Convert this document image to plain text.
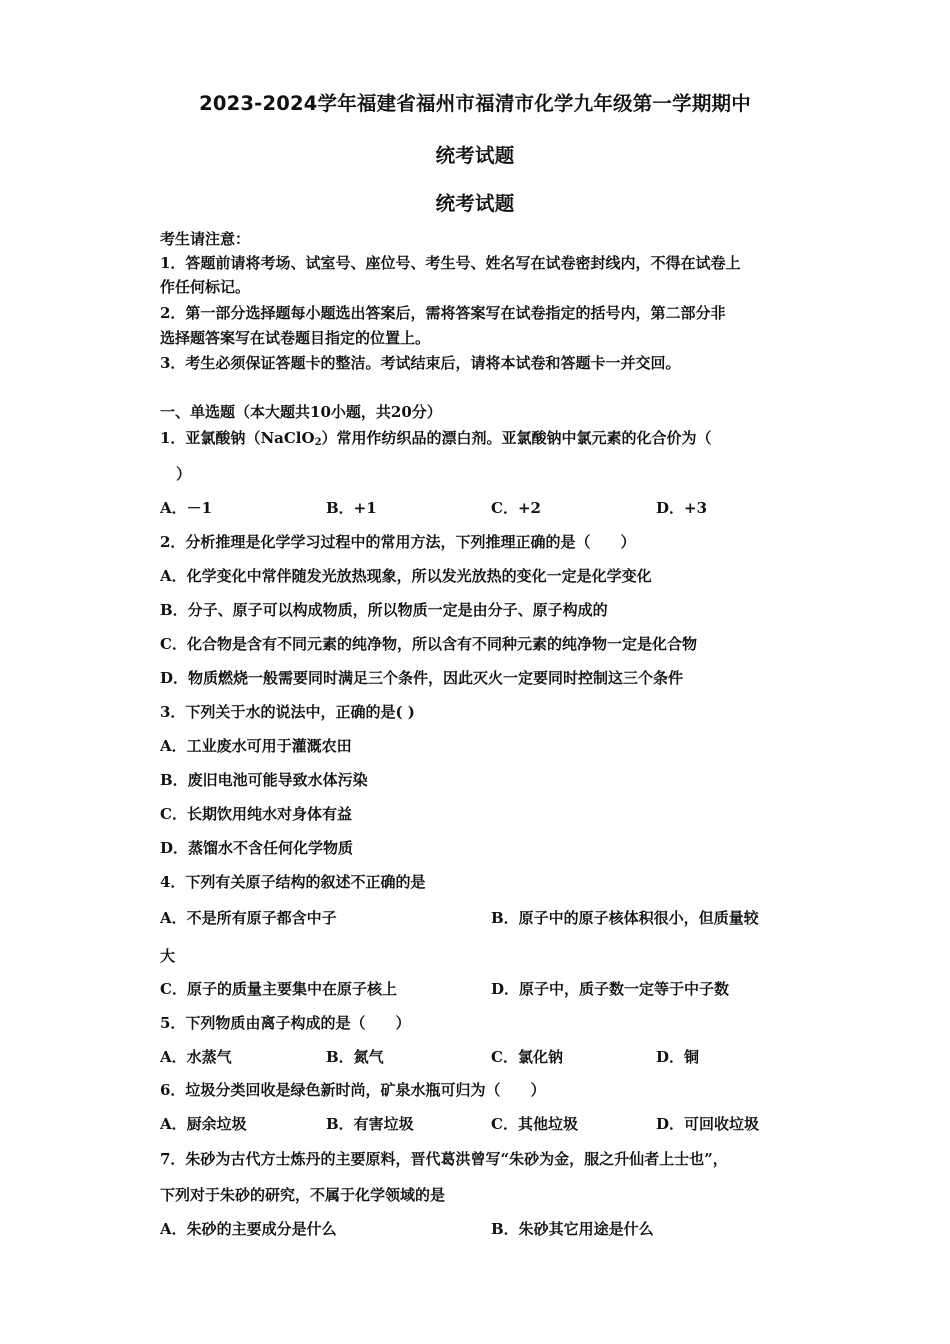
2023-2024学年福建省福州市福清市化学九年级第一学期期中
统考试题
统考试题
考生请注意：
1．答题前请将考场、试室号、座位号、考生号、姓名写在试卷密封线内，不得在试卷上
作任何标记。
2．第一部分选择题每小题选出答案后，需将答案写在试卷指定的括号内，第二部分非
选择题答案写在试卷题目指定的位置上。
3．考生必须保证答题卡的整洁。考试结束后，请将本试卷和答题卡一并交回。
一、单选题（本大题共10小题，共20分）
1．亚氯酸钠（NaClO$_2$）常用作纺织品的漂白剂。亚氯酸钠中氯元素的化合价为（
）
A．－1	B．+1	C．+2	D．+3
2．分析推理是化学学习过程中的常用方法，下列推理正确的是（　　）
A．化学变化中常伴随发光放热现象，所以发光放热的变化一定是化学变化
B．分子、原子可以构成物质，所以物质一定是由分子、原子构成的
C．化合物是含有不同元素的纯净物，所以含有不同种元素的纯净物一定是化合物
D．物质燃烧一般需要同时满足三个条件，因此灭火一定要同时控制这三个条件
3．下列关于水的说法中，正确的是( )
A．工业废水可用于灌溉农田
B．废旧电池可能导致水体污染
C．长期饮用纯水对身体有益
D．蒸馏水不含任何化学物质
4．下列有关原子结构的叙述不正确的是
A．不是所有原子都含中子	B．原子中的原子核体积很小，但质量较
大
C．原子的质量主要集中在原子核上	D．原子中，质子数一定等于中子数
5．下列物质由离子构成的是（　　）
A．水蒸气	B．氮气	C．氯化钠	D．铜
6．垃圾分类回收是绿色新时尚，矿泉水瓶可归为（　　）
A．厨余垃圾	B．有害垃圾	C．其他垃圾	D．可回收垃圾
7．朱砂为古代方士炼丹的主要原料，晋代葛洪曾写“朱砂为金，服之升仙者上士也”，
下列对于朱砂的研究，不属于化学领域的是
A．朱砂的主要成分是什么	B．朱砂其它用途是什么
